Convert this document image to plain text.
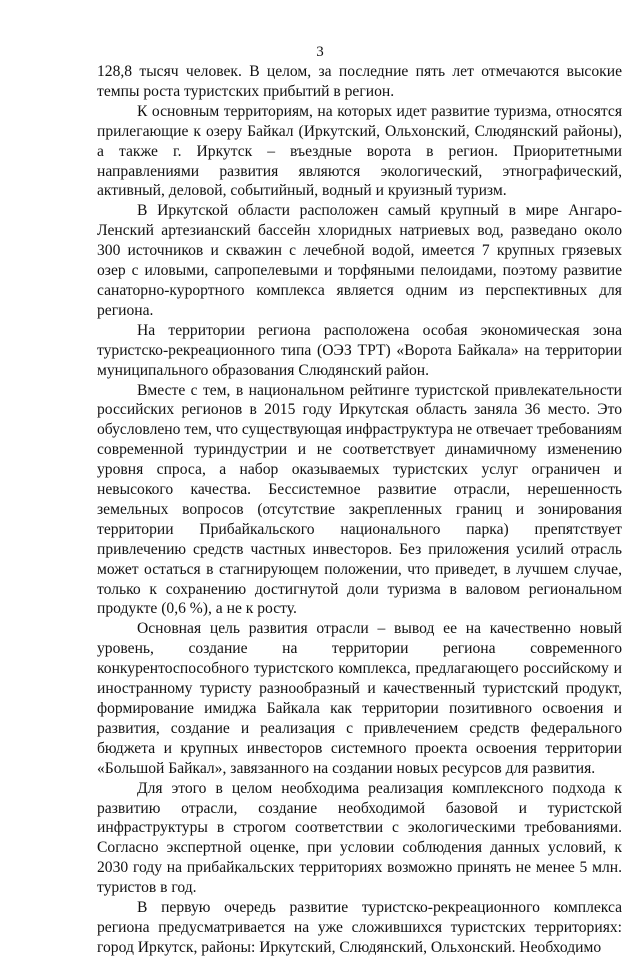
3

128,8 тысяч человек. В целом, за последние пять лет отмечаются высокие темпы роста туристских прибытий в регион.

К основным территориям, на которых идет развитие туризма, относятся прилегающие к озеру Байкал (Иркутский, Ольхонский, Слюдянский районы), а также г. Иркутск – въездные ворота в регион. Приоритетными направлениями развития являются экологический, этнографический, активный, деловой, событийный, водный и круизный туризм.

В Иркутской области расположен самый крупный в мире Ангаро-Ленский артезианский бассейн хлоридных натриевых вод, разведано около 300 источников и скважин с лечебной водой, имеется 7 крупных грязевых озер с иловыми, сапропелевыми и торфяными пелоидами, поэтому развитие санаторно-курортного комплекса является одним из перспективных для региона.

На территории региона расположена особая экономическая зона туристско-рекреационного типа (ОЭЗ ТРТ) «Ворота Байкала» на территории муниципального образования Слюдянский район.

Вместе с тем, в национальном рейтинге туристской привлекательности российских регионов в 2015 году Иркутская область заняла 36 место. Это обусловлено тем, что существующая инфраструктура не отвечает требованиям современной туриндустрии и не соответствует динамичному изменению уровня спроса, а набор оказываемых туристских услуг ограничен и невысокого качества. Бессистемное развитие отрасли, нерешенность земельных вопросов (отсутствие закрепленных границ и зонирования территории Прибайкальского национального парка) препятствует привлечению средств частных инвесторов. Без приложения усилий отрасль может остаться в стагнирующем положении, что приведет, в лучшем случае, только к сохранению достигнутой доли туризма в валовом региональном продукте (0,6 %), а не к росту.

Основная цель развития отрасли – вывод ее на качественно новый уровень, создание на территории региона современного конкурентоспособного туристского комплекса, предлагающего российскому и иностранному туристу разнообразный и качественный туристский продукт, формирование имиджа Байкала как территории позитивного освоения и развития, создание и реализация с привлечением средств федерального бюджета и крупных инвесторов системного проекта освоения территории «Большой Байкал», завязанного на создании новых ресурсов для развития.

Для этого в целом необходима реализация комплексного подхода к развитию отрасли, создание необходимой базовой и туристской инфраструктуры в строгом соответствии с экологическими требованиями. Согласно экспертной оценке, при условии соблюдения данных условий, к 2030 году на прибайкальских территориях возможно принять не менее 5 млн. туристов в год.

В первую очередь развитие туристско-рекреационного комплекса региона предусматривается на уже сложившихся туристских территориях: город Иркутск, районы: Иркутский, Слюдянский, Ольхонский. Необходимо
